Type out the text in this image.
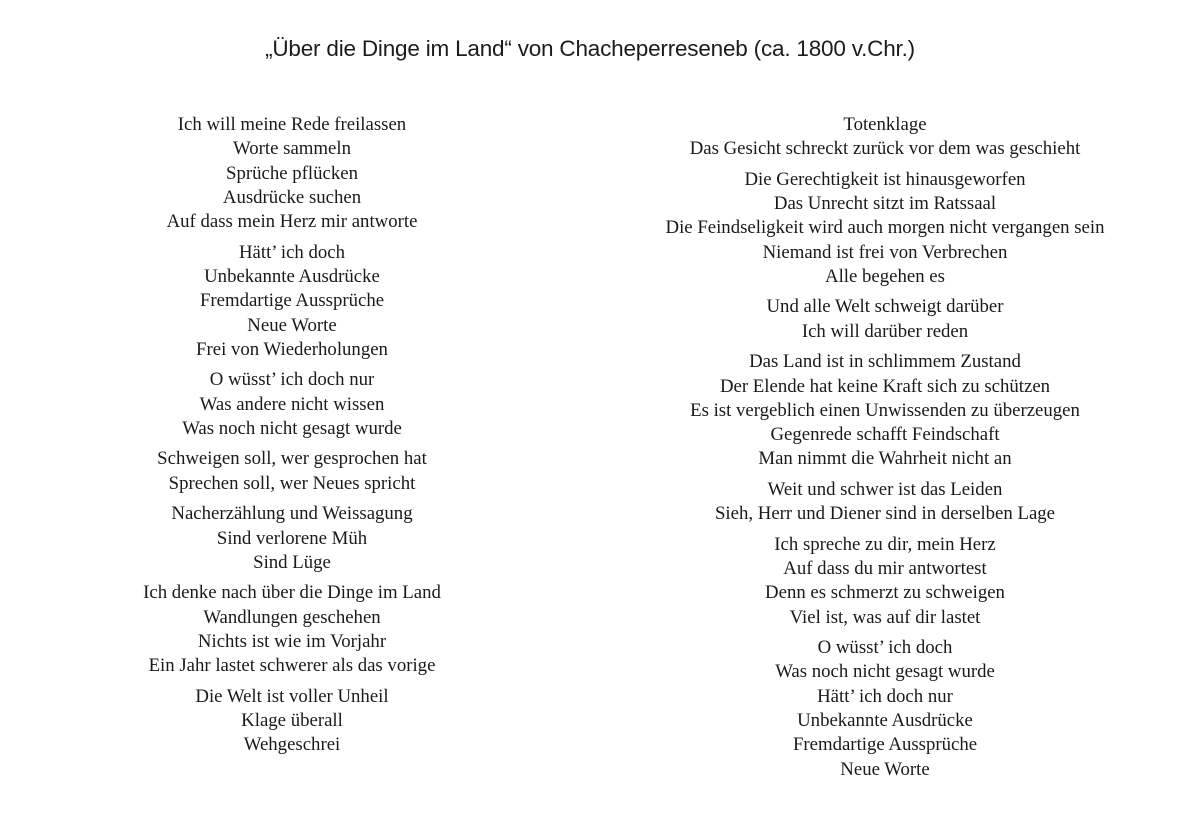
„Über die Dinge im Land“ von Chacheperreseneb (ca. 1800 v.Chr.)
Ich will meine Rede freilassen
Worte sammeln
Sprüche pflücken
Ausdrücke suchen
Auf dass mein Herz mir antworte
Hätt’ ich doch
Unbekannte Ausdrücke
Fremdartige Aussprüche
Neue Worte
Frei von Wiederholungen
O wüsst’ ich doch nur
Was andere nicht wissen
Was noch nicht gesagt wurde
Schweigen soll, wer gesprochen hat
Sprechen soll, wer Neues spricht
Nacherzählung und Weissagung
Sind verlorene Müh
Sind Lüge
Ich denke nach über die Dinge im Land
Wandlungen geschehen
Nichts ist wie im Vorjahr
Ein Jahr lastet schwerer als das vorige
Die Welt ist voller Unheil
Klage überall
Wehgeschrei
Totenklage
Das Gesicht schreckt zurück vor dem was geschieht
Die Gerechtigkeit ist hinausgeworfen
Das Unrecht sitzt im Ratssaal
Die Feindseligkeit wird auch morgen nicht vergangen sein
Niemand ist frei von Verbrechen
Alle begehen es
Und alle Welt schweigt darüber
Ich will darüber reden
Das Land ist in schlimmem Zustand
Der Elende hat keine Kraft sich zu schützen
Es ist vergeblich einen Unwissenden zu überzeugen
Gegenrede schafft Feindschaft
Man nimmt die Wahrheit nicht an
Weit und schwer ist das Leiden
Sieh, Herr und Diener sind in derselben Lage
Ich spreche zu dir, mein Herz
Auf dass du mir antwortest
Denn es schmerzt zu schweigen
Viel ist, was auf dir lastet
O wüsst’ ich doch
Was noch nicht gesagt wurde
Hätt’ ich doch nur
Unbekannte Ausdrücke
Fremdartige Aussprüche
Neue Worte
